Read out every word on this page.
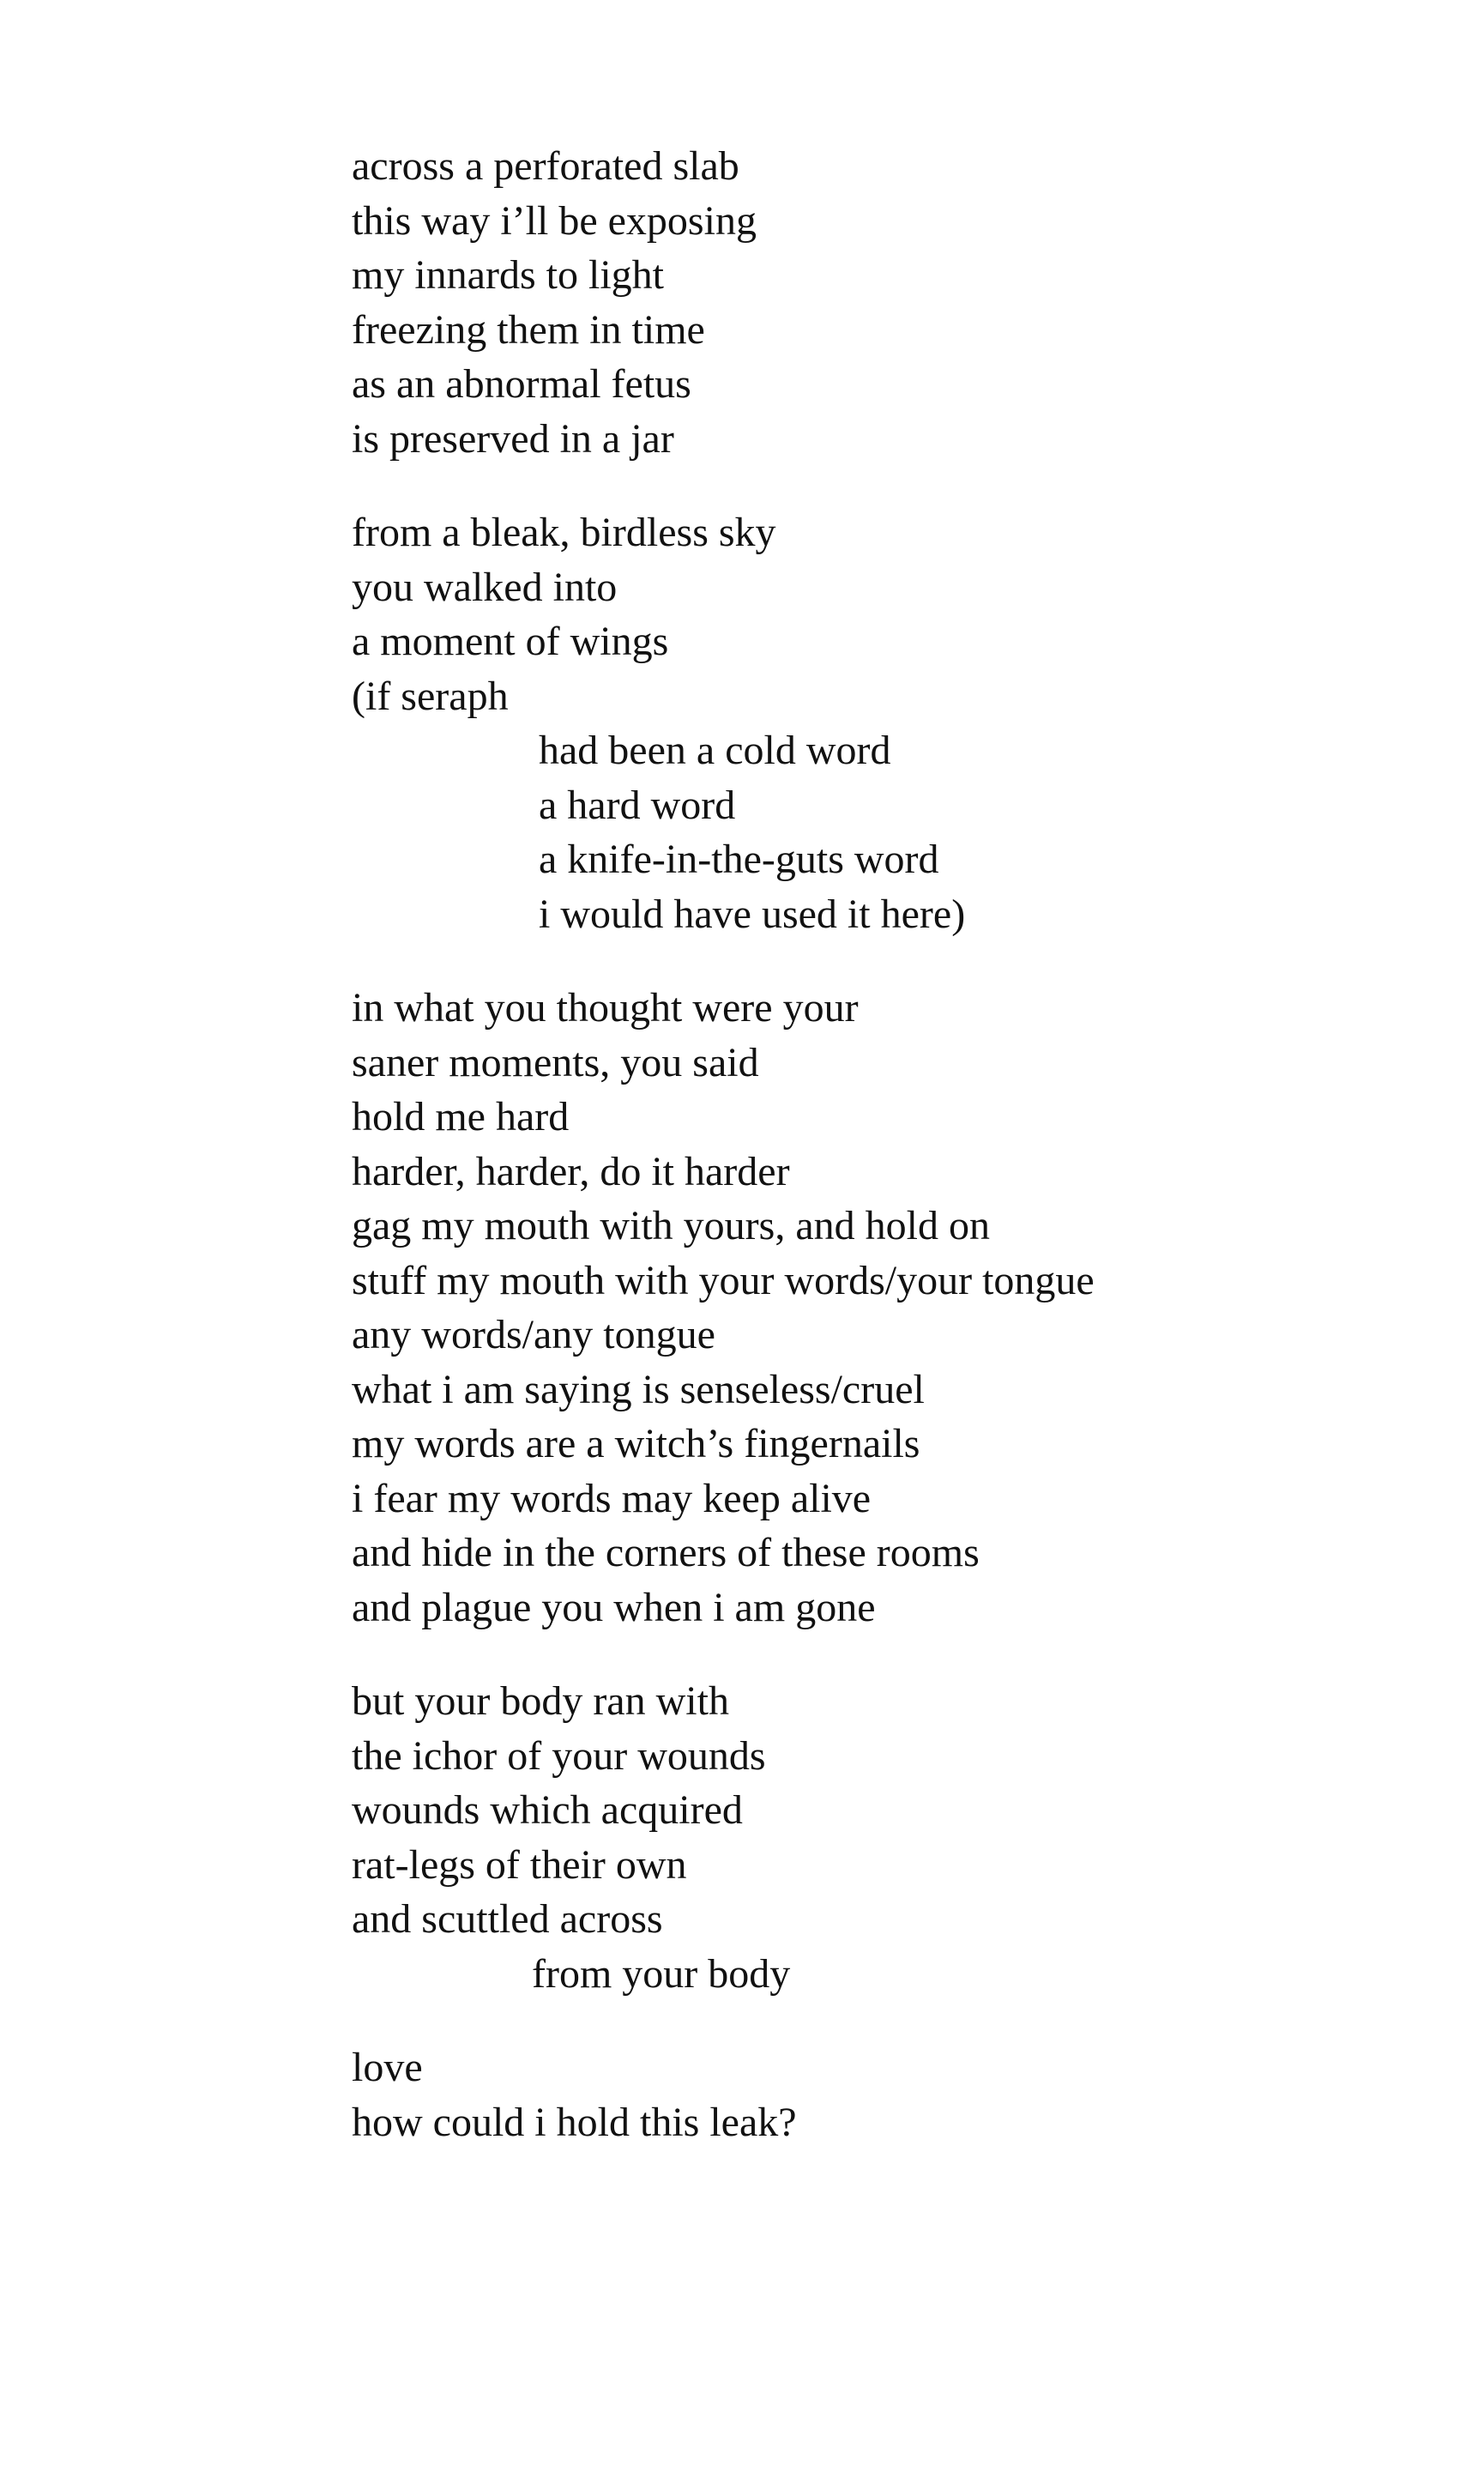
across a perforated slab
this way i’ll be exposing
my innards to light
freezing them in time
as an abnormal fetus
is preserved in a jar
from a bleak, birdless sky
you walked into
a moment of wings
(if seraph
had been a cold word
a hard word
a knife-in-the-guts word
i would have used it here)
in what you thought were your
saner moments, you said
hold me hard
harder, harder, do it harder
gag my mouth with yours, and hold on
stuff my mouth with your words/your tongue
any words/any tongue
what i am saying is senseless/cruel
my words are a witch’s fingernails
i fear my words may keep alive
and hide in the corners of these rooms
and plague you when i am gone
but your body ran with
the ichor of your wounds
wounds which acquired
rat-legs of their own
and scuttled across
from your body
love
how could i hold this leak?
